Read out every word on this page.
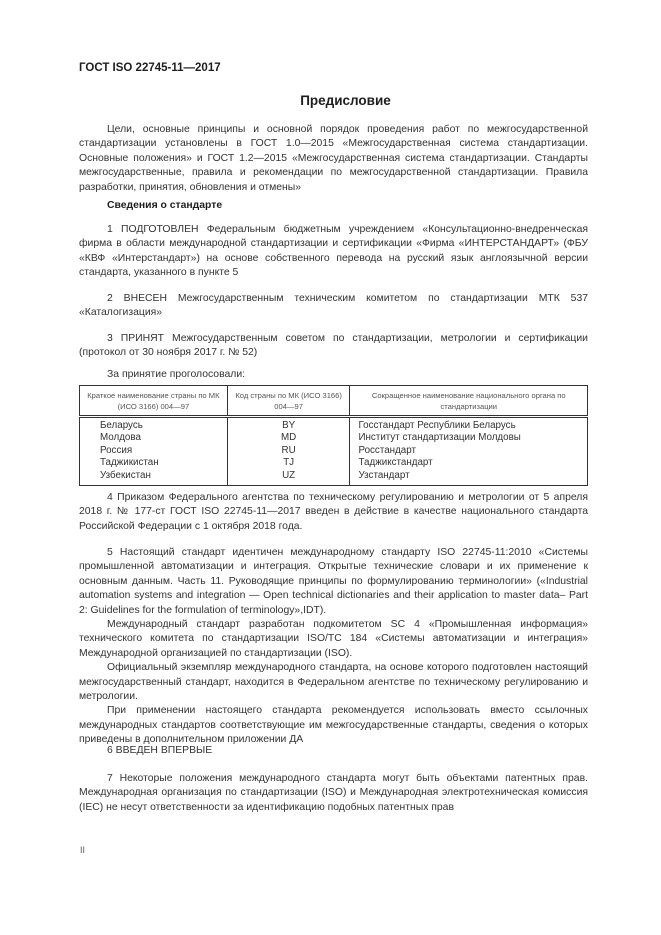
ГОСТ ISO 22745-11—2017
Предисловие

Цели, основные принципы и основной порядок проведения работ по межгосударственной стандартизации установлены в ГОСТ 1.0—2015 «Межгосударственная система стандартизации. Основные положения» и ГОСТ 1.2—2015 «Межгосударственная система стандартизации. Стандарты межгосударственные, правила и рекомендации по межгосударственной стандартизации. Правила разработки, принятия, обновления и отмены»

Сведения о стандарте

1 ПОДГОТОВЛЕН Федеральным бюджетным учреждением «Консультационно-внедренческая фирма в области международной стандартизации и сертификации «Фирма «ИНТЕРСТАНДАРТ» (ФБУ «КВФ «Интерстандарт») на основе собственного перевода на русский язык англоязычной версии стандарта, указанного в пункте 5

2 ВНЕСЕН Межгосударственным техническим комитетом по стандартизации МТК 537 «Каталогизация»

3 ПРИНЯТ Межгосударственным советом по стандартизации, метрологии и сертификации (протокол от 30 ноября 2017 г. № 52)

За принятие проголосовали:

Краткое наименование страны по МК (ИСО 3166) 004—97	Код страны по МК (ИСО 3166) 004—97	Сокращенное наименование национального органа по стандартизации
Беларусь	BY	Госстандарт Республики Беларусь
Молдова	MD	Институт стандартизации Молдовы
Россия	RU	Росстандарт
Таджикистан	TJ	Таджикстандарт
Узбекистан	UZ	Узстандарт

4 Приказом Федерального агентства по техническому регулированию и метрологии от 5 апреля 2018 г. № 177-ст ГОСТ ISO 22745-11—2017 введен в действие в качестве национального стандарта Российской Федерации с 1 октября 2018 года.

5 Настоящий стандарт идентичен международному стандарту ISO 22745-11:2010 «Системы промышленной автоматизации и интеграция. Открытые технические словари и их применение к основным данным. Часть 11. Руководящие принципы по формулированию терминологии» («Industrial automation systems and integration — Open technical dictionaries and their application to master data– Part 2: Guidelines for the formulation of terminology»,IDT).

Международный стандарт разработан подкомитетом SC 4 «Промышленная информация» технического комитета по стандартизации ISO/TC 184 «Системы автоматизации и интеграция» Международной организацией по стандартизации (ISO).

Официальный экземпляр международного стандарта, на основе которого подготовлен настоящий межгосударственный стандарт, находится в Федеральном агентстве по техническому регулированию и метрологии.

При применении настоящего стандарта рекомендуется использовать вместо ссылочных международных стандартов соответствующие им межгосударственные стандарты, сведения о которых приведены в дополнительном приложении ДА

6 ВВЕДЕН ВПЕРВЫЕ

7 Некоторые положения международного стандарта могут быть объектами патентных прав. Международная организация по стандартизации (ISO) и Международная электротехническая комиссия (IEC) не несут ответственности за идентификацию подобных патентных прав

II
